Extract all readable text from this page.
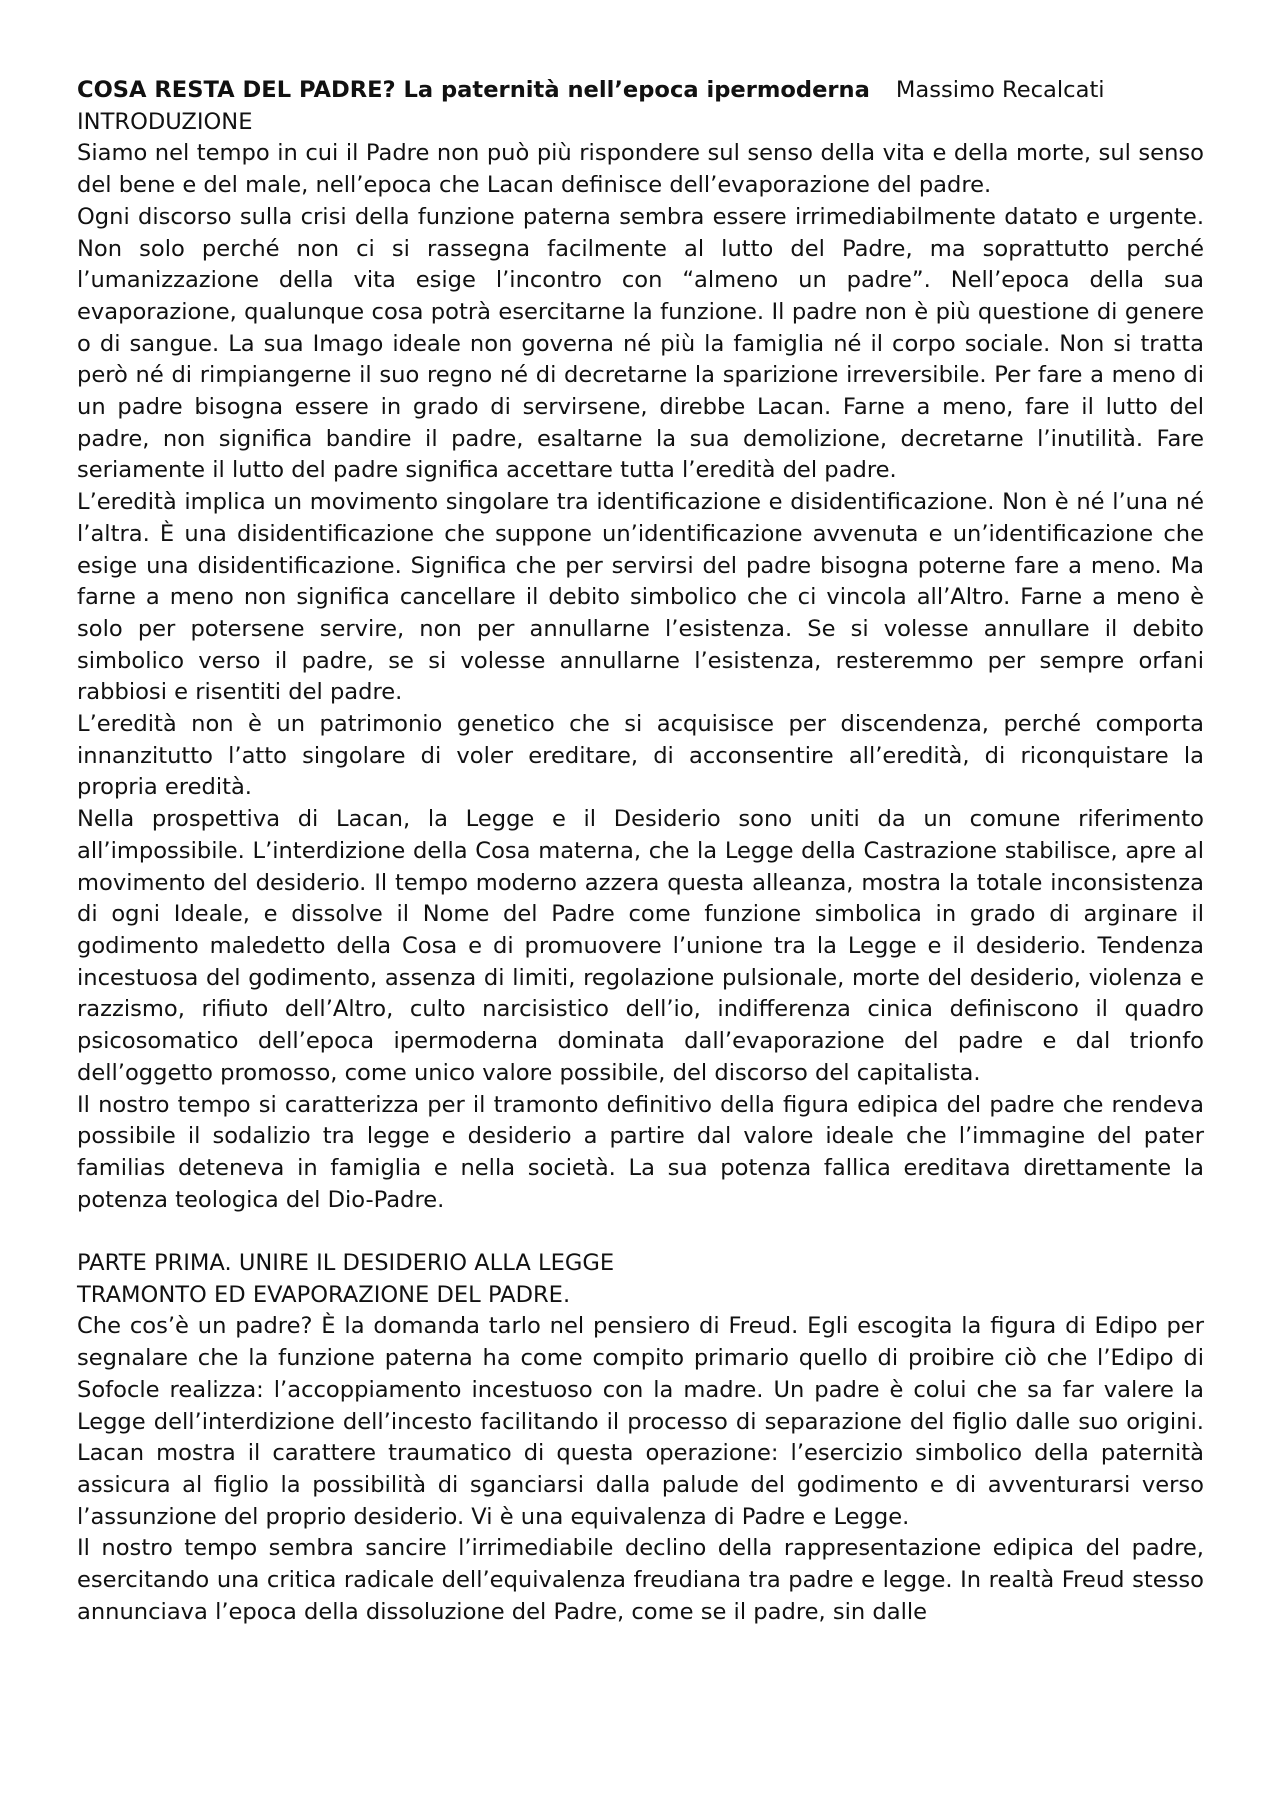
COSA RESTA DEL PADRE? La paternità nell’epoca ipermoderna Massimo Recalcati
INTRODUZIONE

Siamo nel tempo in cui il Padre non può più rispondere sul senso della vita e della morte, sul senso del bene e del male, nell’epoca che Lacan definisce dell’evaporazione del padre.

Ogni discorso sulla crisi della funzione paterna sembra essere irrimediabilmente datato e urgente. Non solo perché non ci si rassegna facilmente al lutto del Padre, ma soprattutto perché l’umanizzazione della vita esige l’incontro con “almeno un padre”. Nell’epoca della sua evaporazione, qualunque cosa potrà esercitarne la funzione. Il padre non è più questione di genere o di sangue. La sua Imago ideale non governa né più la famiglia né il corpo sociale. Non si tratta però né di rimpiangerne il suo regno né di decretarne la sparizione irreversibile. Per fare a meno di un padre bisogna essere in grado di servirsene, direbbe Lacan. Farne a meno, fare il lutto del padre, non significa bandire il padre, esaltarne la sua demolizione, decretarne l’inutilità. Fare seriamente il lutto del padre significa accettare tutta l’eredità del padre.

L’eredità implica un movimento singolare tra identificazione e disidentificazione. Non è né l’una né l’altra. È una disidentificazione che suppone un’identificazione avvenuta e un’identificazione che esige una disidentificazione. Significa che per servirsi del padre bisogna poterne fare a meno. Ma farne a meno non significa cancellare il debito simbolico che ci vincola all’Altro. Farne a meno è solo per potersene servire, non per annullarne l’esistenza. Se si volesse annullare il debito simbolico verso il padre, se si volesse annullarne l’esistenza, resteremmo per sempre orfani rabbiosi e risentiti del padre.

L’eredità non è un patrimonio genetico che si acquisisce per discendenza, perché comporta innanzitutto l’atto singolare di voler ereditare, di acconsentire all’eredità, di riconquistare la propria eredità.

Nella prospettiva di Lacan, la Legge e il Desiderio sono uniti da un comune riferimento all’impossibile. L’interdizione della Cosa materna, che la Legge della Castrazione stabilisce, apre al movimento del desiderio. Il tempo moderno azzera questa alleanza, mostra la totale inconsistenza di ogni Ideale, e dissolve il Nome del Padre come funzione simbolica in grado di arginare il godimento maledetto della Cosa e di promuovere l’unione tra la Legge e il desiderio. Tendenza incestuosa del godimento, assenza di limiti, regolazione pulsionale, morte del desiderio, violenza e razzismo, rifiuto dell’Altro, culto narcisistico dell’io, indifferenza cinica definiscono il quadro psicosomatico dell’epoca ipermoderna dominata dall’evaporazione del padre e dal trionfo dell’oggetto promosso, come unico valore possibile, del discorso del capitalista.

Il nostro tempo si caratterizza per il tramonto definitivo della figura edipica del padre che rendeva possibile il sodalizio tra legge e desiderio a partire dal valore ideale che l’immagine del pater familias deteneva in famiglia e nella società. La sua potenza fallica ereditava direttamente la potenza teologica del Dio-Padre.

PARTE PRIMA. UNIRE IL DESIDERIO ALLA LEGGE
TRAMONTO ED EVAPORAZIONE DEL PADRE.

Che cos’è un padre? È la domanda tarlo nel pensiero di Freud. Egli escogita la figura di Edipo per segnalare che la funzione paterna ha come compito primario quello di proibire ciò che l’Edipo di Sofocle realizza: l’accoppiamento incestuoso con la madre. Un padre è colui che sa far valere la Legge dell’interdizione dell’incesto facilitando il processo di separazione del figlio dalle suo origini. Lacan mostra il carattere traumatico di questa operazione: l’esercizio simbolico della paternità assicura al figlio la possibilità di sganciarsi dalla palude del godimento e di avventurarsi verso l’assunzione del proprio desiderio. Vi è una equivalenza di Padre e Legge.

Il nostro tempo sembra sancire l’irrimediabile declino della rappresentazione edipica del padre, esercitando una critica radicale dell’equivalenza freudiana tra padre e legge. In realtà Freud stesso annunciava l’epoca della dissoluzione del Padre, come se il padre, sin dalle
